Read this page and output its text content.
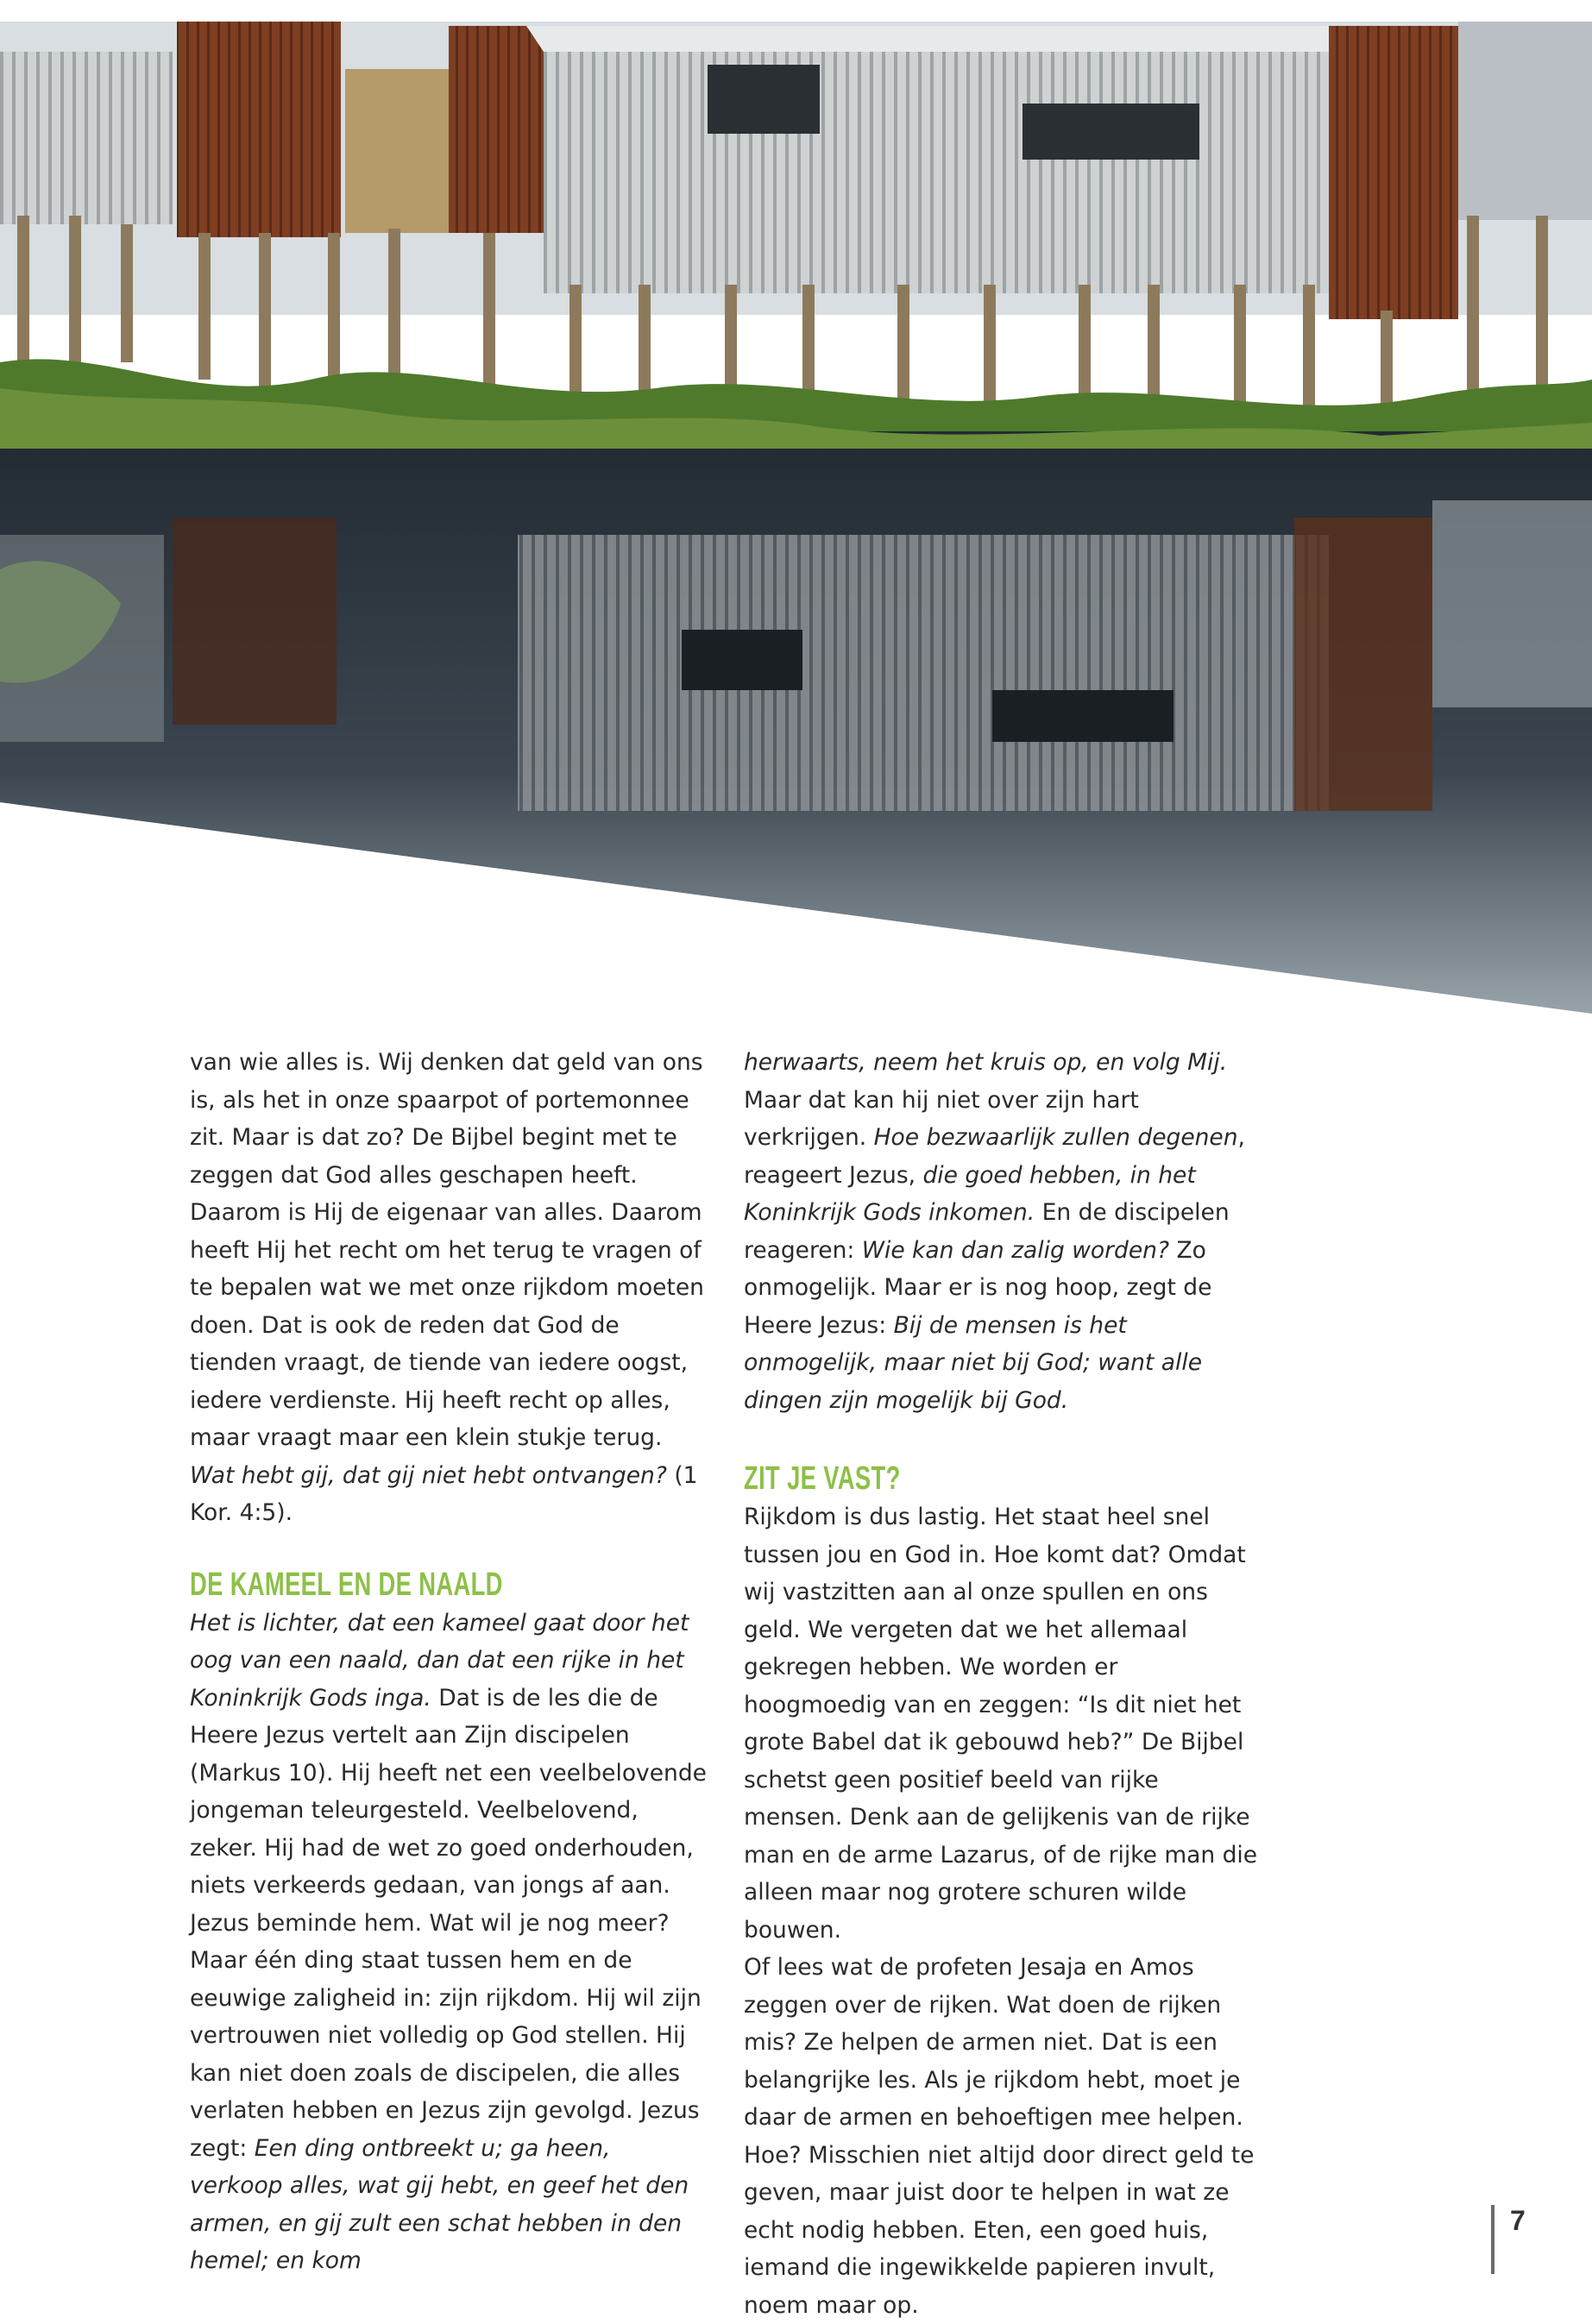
van wie alles is. Wij denken dat geld van ons is, als het in onze spaarpot of portemonnee zit. Maar is dat zo? De Bijbel begint met te zeggen dat God alles geschapen heeft. Daarom is Hij de eigenaar van alles. Daarom heeft Hij het recht om het terug te vragen of te bepalen wat we met onze rijkdom moeten doen. Dat is ook de reden dat God de tienden vraagt, de tiende van iedere oogst, iedere verdienste. Hij heeft recht op alles, maar vraagt maar een klein stukje terug. Wat hebt gij, dat gij niet hebt ontvangen? (1 Kor. 4:5).

DE KAMEEL EN DE NAALD

Het is lichter, dat een kameel gaat door het oog van een naald, dan dat een rijke in het Koninkrijk Gods inga. Dat is de les die de Heere Jezus vertelt aan Zijn discipelen (Markus 10). Hij heeft net een veelbelovende jongeman teleurgesteld. Veelbelovend, zeker. Hij had de wet zo goed onderhouden, niets verkeerds gedaan, van jongs af aan. Jezus beminde hem. Wat wil je nog meer? Maar één ding staat tussen hem en de eeuwige zaligheid in: zijn rijkdom. Hij wil zijn vertrouwen niet volledig op God stellen. Hij kan niet doen zoals de discipelen, die alles verlaten hebben en Jezus zijn gevolgd. Jezus zegt: Een ding ontbreekt u; ga heen, verkoop alles, wat gij hebt, en geef het den armen, en gij zult een schat hebben in den hemel; en kom

herwaarts, neem het kruis op, en volg Mij. Maar dat kan hij niet over zijn hart verkrijgen. Hoe bezwaarlijk zullen degenen, reageert Jezus, die goed hebben, in het Koninkrijk Gods inkomen. En de discipelen reageren: Wie kan dan zalig worden? Zo onmogelijk. Maar er is nog hoop, zegt de Heere Jezus: Bij de mensen is het onmogelijk, maar niet bij God; want alle dingen zijn mogelijk bij God.

ZIT JE VAST?

Rijkdom is dus lastig. Het staat heel snel tussen jou en God in. Hoe komt dat? Omdat wij vastzitten aan al onze spullen en ons geld. We vergeten dat we het allemaal gekregen hebben. We worden er hoogmoedig van en zeggen: “Is dit niet het grote Babel dat ik gebouwd heb?” De Bijbel schetst geen positief beeld van rijke mensen. Denk aan de gelijkenis van de rijke man en de arme Lazarus, of de rijke man die alleen maar nog grotere schuren wilde bouwen.

Of lees wat de profeten Jesaja en Amos zeggen over de rijken. Wat doen de rijken mis? Ze helpen de armen niet. Dat is een belangrijke les. Als je rijkdom hebt, moet je daar de armen en behoeftigen mee helpen. Hoe? Misschien niet altijd door direct geld te geven, maar juist door te helpen in wat ze echt nodig hebben. Eten, een goed huis, iemand die ingewikkelde papieren invult, noem maar op.

7
